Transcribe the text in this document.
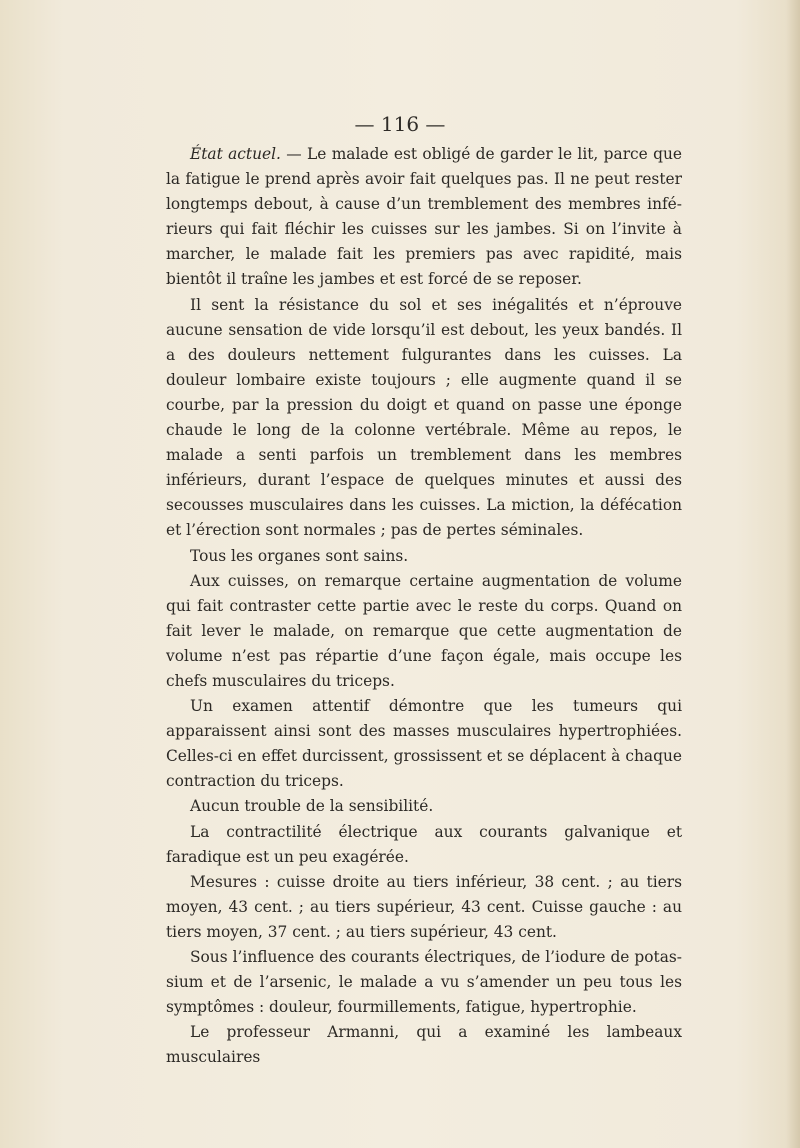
— 116 —

État actuel. — Le malade est obligé de garder le lit, parce que la fatigue le prend après avoir fait quelques pas. Il ne peut rester longtemps debout, à cause d’un tremblement des membres inférieurs qui fait fléchir les cuisses sur les jambes. Si on l’invite à marcher, le malade fait les premiers pas avec rapidité, mais bientôt il traîne les jambes et est forcé de se reposer.

Il sent la résistance du sol et ses inégalités et n’éprouve aucune sensation de vide lorsqu’il est debout, les yeux bandés. Il a des douleurs nettement fulgurantes dans les cuisses. La douleur lombaire existe toujours ; elle augmente quand il se courbe, par la pression du doigt et quand on passe une éponge chaude le long de la colonne vertébrale. Même au repos, le malade a senti parfois un tremblement dans les membres inférieurs, durant l’espace de quelques minutes et aussi des secousses musculaires dans les cuisses. La miction, la défécation et l’érection sont normales ; pas de pertes séminales.

Tous les organes sont sains.

Aux cuisses, on remarque certaine augmentation de volume qui fait contraster cette partie avec le reste du corps. Quand on fait lever le malade, on remarque que cette augmentation de volume n’est pas répartie d’une façon égale, mais occupe les chefs musculaires du triceps.

Un examen attentif démontre que les tumeurs qui apparaissent ainsi sont des masses musculaires hypertrophiées. Celles-ci en effet durcissent, grossissent et se déplacent à chaque contraction du triceps.

Aucun trouble de la sensibilité.

La contractilité électrique aux courants galvanique et faradique est un peu exagérée.

Mesures : cuisse droite au tiers inférieur, 38 cent. ; au tiers moyen, 43 cent. ; au tiers supérieur, 43 cent. Cuisse gauche : au tiers moyen, 37 cent. ; au tiers supérieur, 43 cent.

Sous l’influence des courants électriques, de l’iodure de potassium et de l’arsenic, le malade a vu s’amender un peu tous les symptômes : douleur, fourmillements, fatigue, hypertrophie.

Le professeur Armanni, qui a examiné les lambeaux musculaires
